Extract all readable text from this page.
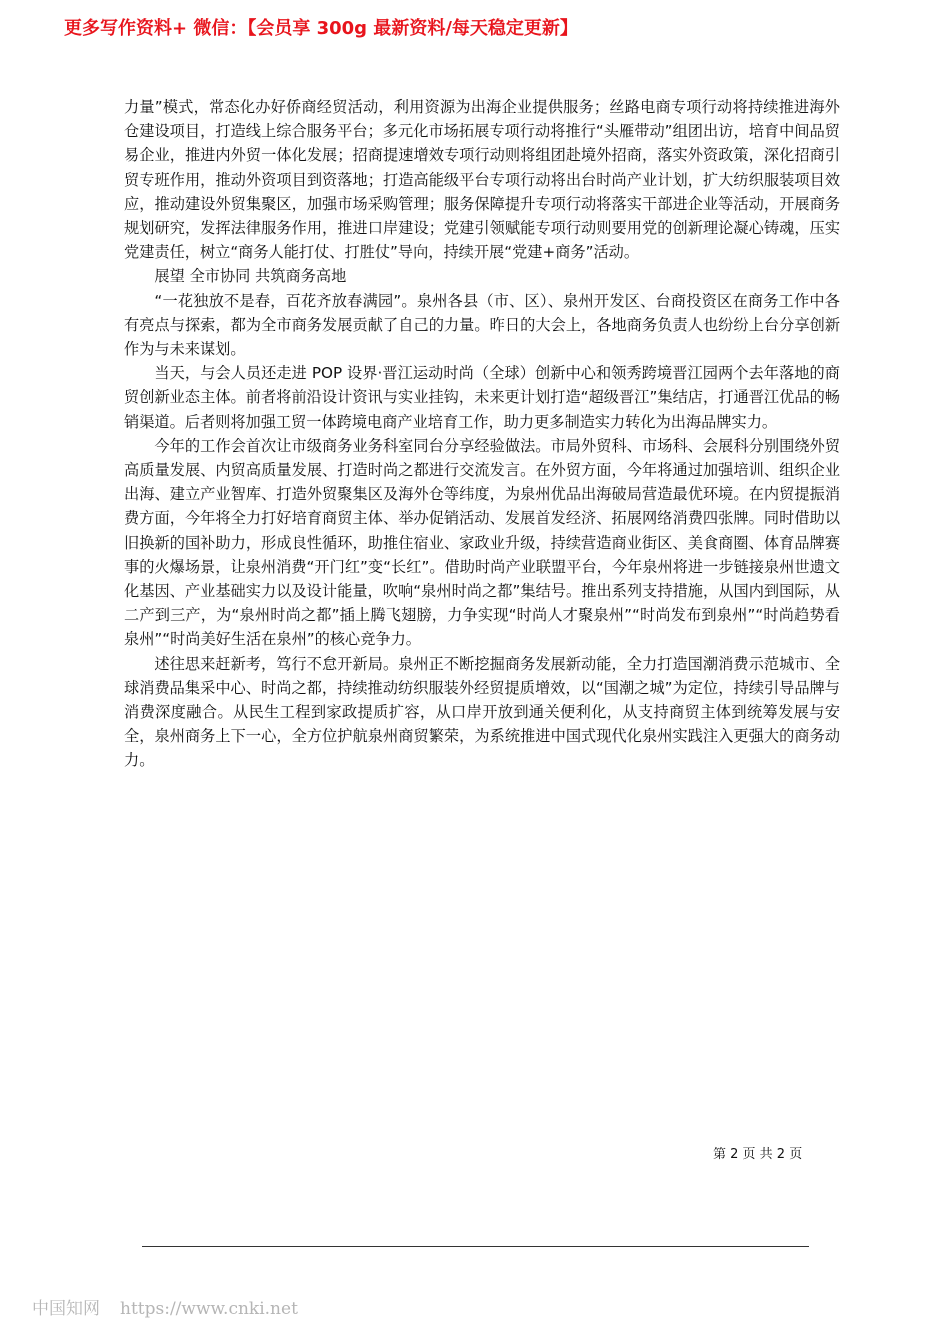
更多写作资料+ 微信：【会员享 300g 最新资料/每天稳定更新】

力量”模式，常态化办好侨商经贸活动，利用资源为出海企业提供服务；丝路电商专项行动将持续推进海外仓建设项目，打造线上综合服务平台；多元化市场拓展专项行动将推行“头雁带动”组团出访，培育中间品贸易企业，推进内外贸一体化发展；招商提速增效专项行动则将组团赴境外招商，落实外资政策，深化招商引贸专班作用，推动外资项目到资落地；打造高能级平台专项行动将出台时尚产业计划，扩大纺织服装项目效应，推动建设外贸集聚区，加强市场采购管理；服务保障提升专项行动将落实干部进企业等活动，开展商务规划研究，发挥法律服务作用，推进口岸建设；党建引领赋能专项行动则要用党的创新理论凝心铸魂，压实党建责任，树立“商务人能打仗、打胜仗”导向，持续开展“党建+商务”活动。

展望 全市协同 共筑商务高地

“一花独放不是春，百花齐放春满园”。泉州各县（市、区）、泉州开发区、台商投资区在商务工作中各有亮点与探索，都为全市商务发展贡献了自己的力量。昨日的大会上，各地商务负责人也纷纷上台分享创新作为与未来谋划。

当天，与会人员还走进 POP 设界·晋江运动时尚（全球）创新中心和领秀跨境晋江园两个去年落地的商贸创新业态主体。前者将前沿设计资讯与实业挂钩，未来更计划打造“超级晋江”集结店，打通晋江优品的畅销渠道。后者则将加强工贸一体跨境电商产业培育工作，助力更多制造实力转化为出海品牌实力。

今年的工作会首次让市级商务业务科室同台分享经验做法。市局外贸科、市场科、会展科分别围绕外贸高质量发展、内贸高质量发展、打造时尚之都进行交流发言。在外贸方面，今年将通过加强培训、组织企业出海、建立产业智库、打造外贸聚集区及海外仓等纬度，为泉州优品出海破局营造最优环境。在内贸提振消费方面，今年将全力打好培育商贸主体、举办促销活动、发展首发经济、拓展网络消费四张牌。同时借助以旧换新的国补助力，形成良性循环，助推住宿业、家政业升级，持续营造商业街区、美食商圈、体育品牌赛事的火爆场景，让泉州消费“开门红”变“长红”。借助时尚产业联盟平台，今年泉州将进一步链接泉州世遗文化基因、产业基础实力以及设计能量，吹响“泉州时尚之都”集结号。推出系列支持措施，从国内到国际，从二产到三产，为“泉州时尚之都”插上腾飞翅膀，力争实现“时尚人才聚泉州”“时尚发布到泉州”“时尚趋势看泉州”“时尚美好生活在泉州”的核心竞争力。

述往思来赶新考，笃行不怠开新局。泉州正不断挖掘商务发展新动能，全力打造国潮消费示范城市、全球消费品集采中心、时尚之都，持续推动纺织服装外经贸提质增效，以“国潮之城”为定位，持续引导品牌与消费深度融合。从民生工程到家政提质扩容，从口岸开放到通关便利化，从支持商贸主体到统筹发展与安全，泉州商务上下一心，全方位护航泉州商贸繁荣，为系统推进中国式现代化泉州实践注入更强大的商务动力。

第 2 页 共 2 页
中国知网 https://www.cnki.net
